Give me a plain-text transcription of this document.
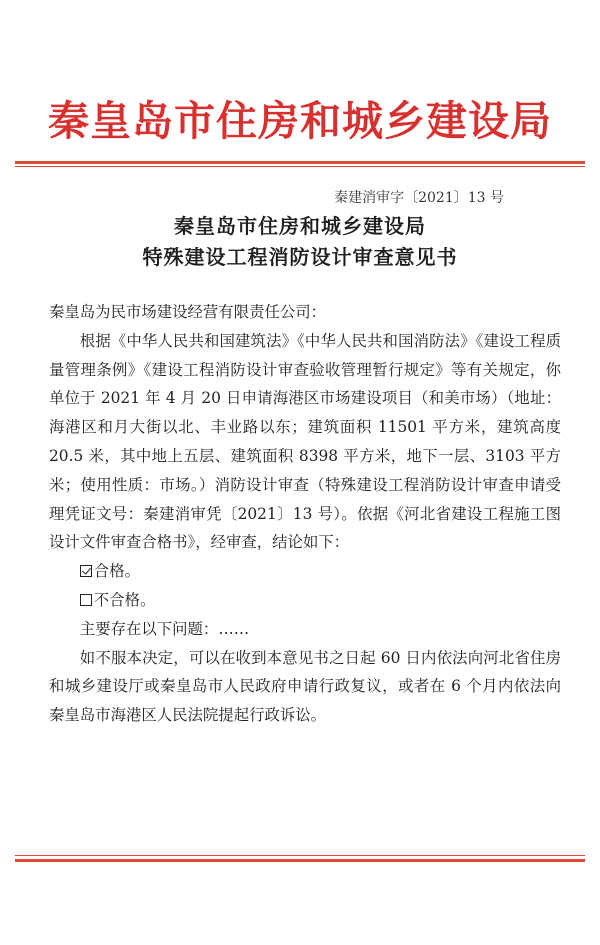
秦皇岛市住房和城乡建设局
秦建消审字〔2021〕13 号
秦皇岛市住房和城乡建设局
特殊建设工程消防设计审查意见书

秦皇岛为民市场建设经营有限责任公司：

根据《中华人民共和国建筑法》《中华人民共和国消防法》《建设工程质量管理条例》《建设工程消防设计审查验收管理暂行规定》等有关规定，你单位于 2021 年 4 月 20 日申请海港区市场建设项目（和美市场）（地址：海港区和月大街以北、丰业路以东；建筑面积 11501 平方米，建筑高度 20.5 米，其中地上五层、建筑面积 8398 平方米，地下一层、3103 平方米；使用性质：市场。）消防设计审查（特殊建设工程消防设计审查申请受理凭证文号：秦建消审凭〔2021〕13 号）。依据《河北省建设工程施工图设计文件审查合格书》，经审查，结论如下：

合格。

不合格。

主要存在以下问题：……

如不服本决定，可以在收到本意见书之日起 60 日内依法向河北省住房和城乡建设厅或秦皇岛市人民政府申请行政复议，或者在 6 个月内依法向秦皇岛市海港区人民法院提起行政诉讼。
